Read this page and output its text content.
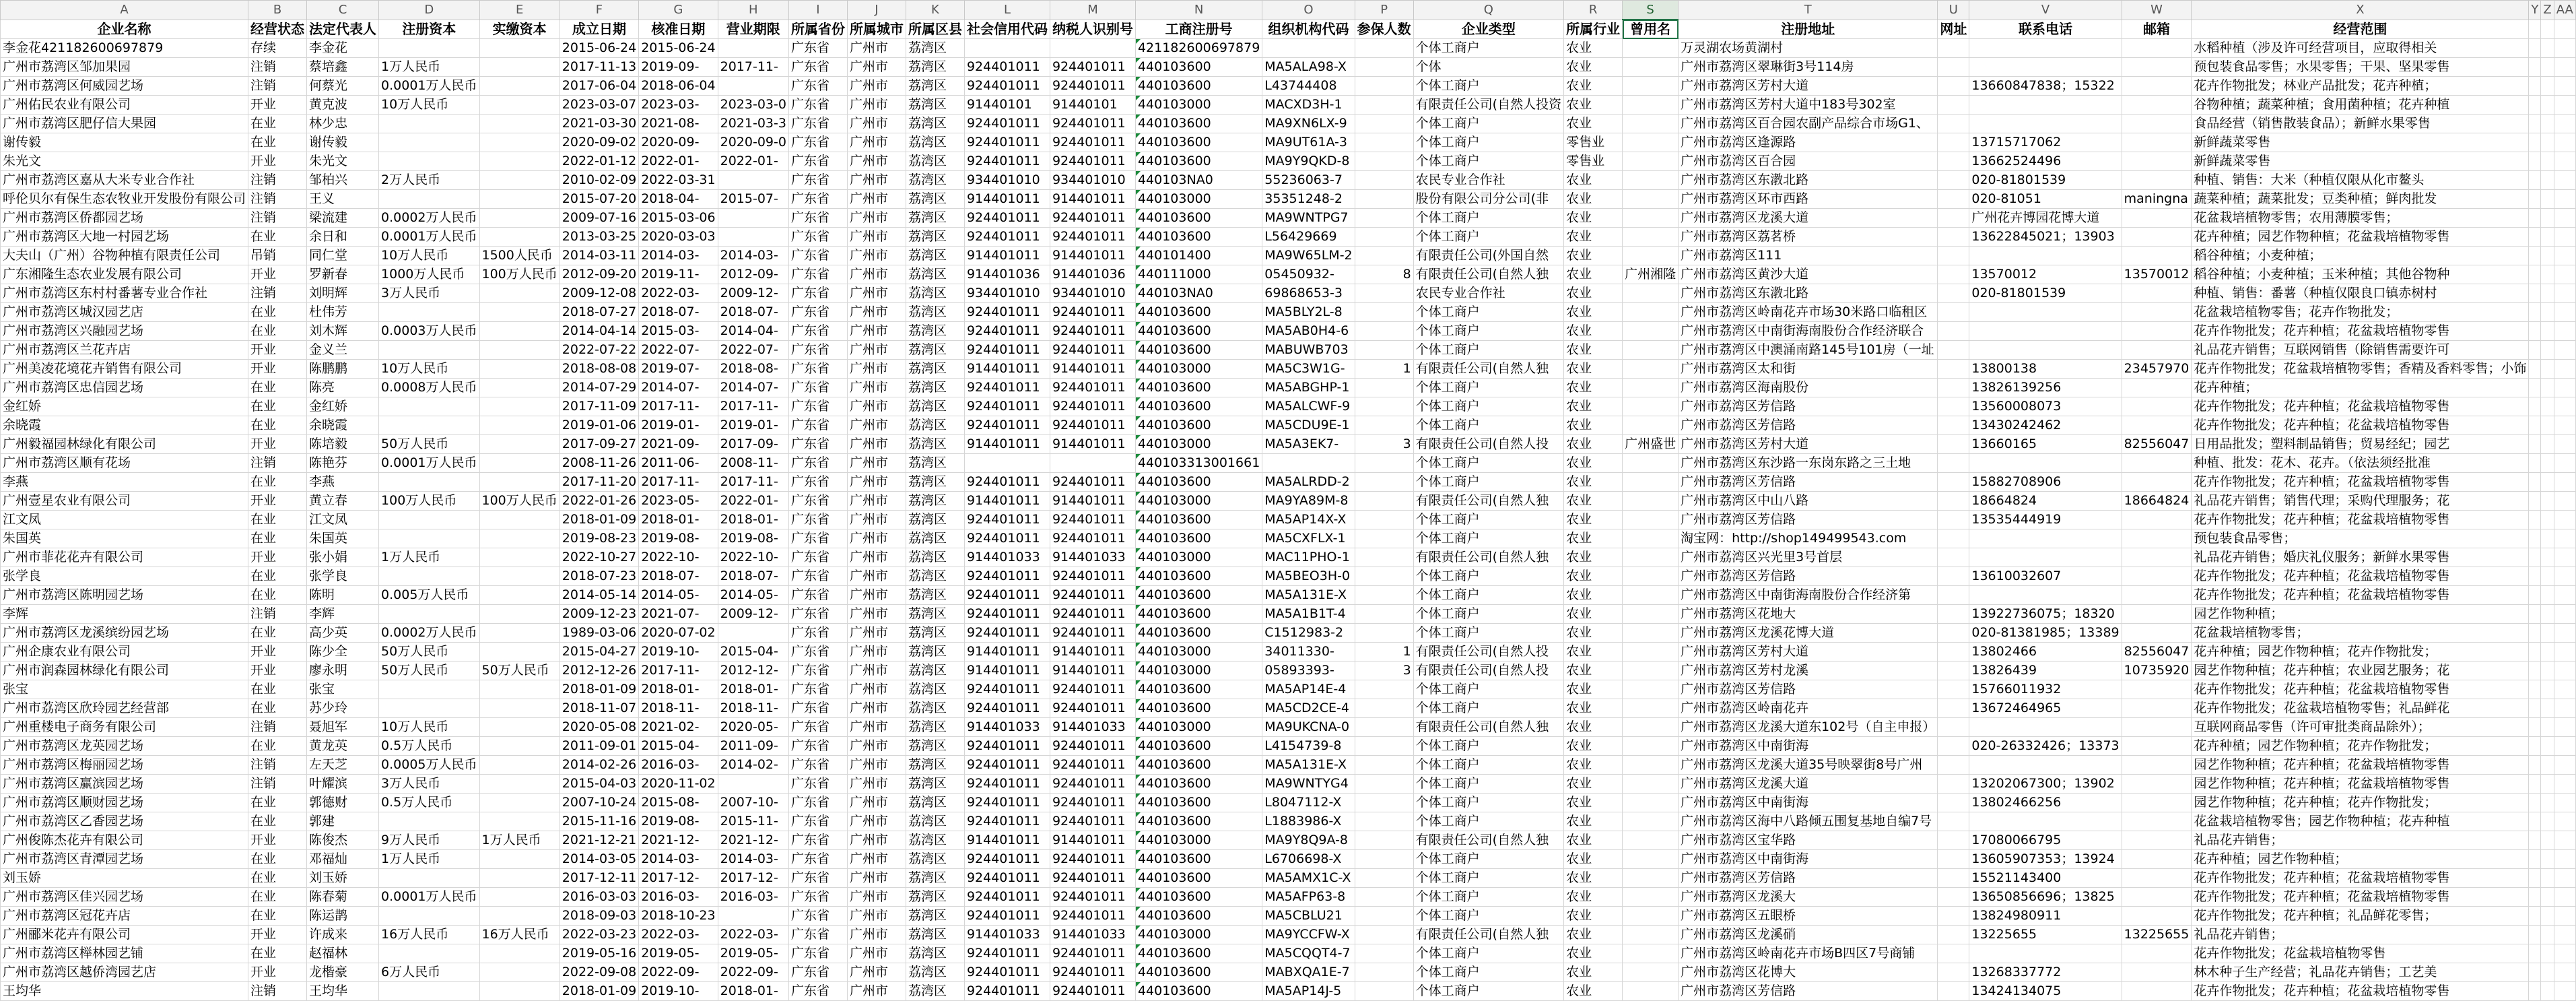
A	B	C	D	E	F	G	H	I	J	K	L	M	N	O	P	Q	R	S	T	U	V	W	X	Y	Z	AA
企业名称	经营状态	法定代表人	注册资本	实缴资本	成立日期	核准日期	营业期限	所属省份	所属城市	所属区县	社会信用代码	纳税人识别号	工商注册号	组织机构代码	参保人数	企业类型	所属行业	曾用名	注册地址	网址	联系电话	邮箱	经营范围			
李金花421182600697879	存续	李金花			2015-06-24	2015-06-24		广东省	广州市	荔湾区			421182600697879			个体工商户	农业		万灵湖农场黄湖村				水稻种植（涉及许可经营项目，应取得相关			
广州市荔湾区邹加果园	注销	蔡培鑫	1万人民币		2017-11-13	2019-09-	2017-11-	广东省	广州市	荔湾区	924401011	924401011	440103600	MA5ALA98-X		个体	农业		广州市荔湾区翠琳街3号114房				预包装食品零售；水果零售；干果、坚果零售			
广州市荔湾区何威园艺场	注销	何蔡光	0.0001万人民币		2017-06-04	2018-06-04		广东省	广州市	荔湾区	924401011	924401011	440103600	L43744408		个体工商户	农业		广州市荔湾区芳村大道		13660847838；15322		花卉作物批发；林业产品批发；花卉种植；			
广州佑民农业有限公司	开业	黄克波	10万人民币		2023-03-07	2023-03-	2023-03-0	广东省	广州市	荔湾区	91440101	91440101	440103000	MACXD3H-1		有限责任公司(自然人投资	农业		广州市荔湾区芳村大道中183号302室				谷物种植；蔬菜种植；食用菌种植；花卉种植			
广州市荔湾区肥仔信大果园	在业	林少忠			2021-03-30	2021-08-	2021-03-3	广东省	广州市	荔湾区	924401011	924401011	440103600	MA9XN6LX-9		个体工商户	农业		广州市荔湾区百合园农副产品综合市场G1、				食品经营（销售散装食品）；新鲜水果零售			
谢传毅	在业	谢传毅			2020-09-02	2020-09-	2020-09-0	广东省	广州市	荔湾区	924401011	924401011	440103600	MA9UT61A-3		个体工商户	零售业		广州市荔湾区逢源路		13715717062		新鲜蔬菜零售			
朱光文	开业	朱光文			2022-01-12	2022-01-	2022-01-	广东省	广州市	荔湾区	924401011	924401011	440103600	MA9Y9QKD-8		个体工商户	零售业		广州市荔湾区百合园		13662524496		新鲜蔬菜零售			
广州市荔湾区嘉从大米专业合作社	注销	邹柏兴	2万人民币		2010-02-09	2022-03-31		广东省	广州市	荔湾区	934401010	934401010	440103NA0	55236063-7		农民专业合作社	农业		广州市荔湾区东漖北路		020-81801539		种植、销售：大米（种植仅限从化市鳌头			
呼伦贝尔有保生态农牧业开发股份有限公司	注销	王义			2015-07-20	2018-04-	2015-07-	广东省	广州市	荔湾区	914401011	914401011	440103000	35351248-2		股份有限公司分公司(非	农业		广州市荔湾区环市西路		020-81051	maningna	蔬菜种植；蔬菜批发；豆类种植；鲜肉批发			
广州市荔湾区侨都园艺场	注销	梁流建	0.0002万人民币		2009-07-16	2015-03-06		广东省	广州市	荔湾区	924401011	924401011	440103600	MA9WNTPG7		个体工商户	农业		广州市荔湾区龙溪大道		广州花卉博园花博大道		花盆栽培植物零售；农用薄膜零售；			
广州市荔湾区大地一村园艺场	在业	余日和	0.0001万人民币		2013-03-25	2020-03-03		广东省	广州市	荔湾区	924401011	924401011	440103600	L56429669		个体工商户	农业		广州市荔湾区荔茗桥		13622845021；13903		花卉种植；园艺作物种植；花盆栽培植物零售			
大夫山（广州）谷物种植有限责任公司	吊销	同仁堂	10万人民币	1500人民币	2014-03-11	2014-03-	2014-03-	广东省	广州市	荔湾区	914401011	914401011	440101400	MA9W65LM-2		有限责任公司(外国自然	农业		广州市荔湾区111				稻谷种植；小麦种植；			
广东湘隆生态农业发展有限公司	开业	罗新春	1000万人民币	100万人民币	2012-09-20	2019-11-	2012-09-	广东省	广州市	荔湾区	914401036	914401036	440111000	05450932-	8	有限责任公司(自然人独	农业	广州湘隆	广州市荔湾区黄沙大道		13570012	13570012	稻谷种植；小麦种植；玉米种植；其他谷物种			
广州市荔湾区东村村番薯专业合作社	注销	刘明辉	3万人民币		2009-12-08	2022-03-	2009-12-	广东省	广州市	荔湾区	934401010	934401010	440103NA0	69868653-3		农民专业合作社	农业		广州市荔湾区东漖北路		020-81801539		种植、销售：番薯（种植仅限良口镇赤树村			
广州市荔湾区城汉园艺店	在业	杜伟芳			2018-07-27	2018-07-	2018-07-	广东省	广州市	荔湾区	924401011	924401011	440103600	MA5BLY2L-8		个体工商户	农业		广州市荔湾区岭南花卉市场30米路口临租区				花盆栽培植物零售；花卉作物批发；			
广州市荔湾区兴融园艺场	在业	刘木辉	0.0003万人民币		2014-04-14	2015-03-	2014-04-	广东省	广州市	荔湾区	924401011	924401011	440103600	MA5AB0H4-6		个体工商户	农业		广州市荔湾区中南街海南股份合作经济联合				花卉作物批发；花卉种植；花盆栽培植物零售			
广州市荔湾区兰花卉店	开业	金义兰			2022-07-22	2022-07-	2022-07-	广东省	广州市	荔湾区	924401011	924401011	440103600	MABUWB703		个体工商户	农业		广州市荔湾区中澳涌南路145号101房（一址				礼品花卉销售；互联网销售（除销售需要许可			
广州美凌花境花卉销售有限公司	开业	陈鹏鹏	10万人民币		2018-08-08	2019-07-	2018-08-	广东省	广州市	荔湾区	914401011	914401011	440103000	MA5C3W1G-	1	有限责任公司(自然人独	农业		广州市荔湾区太和街		13800138	23457970	花卉作物批发；花盆栽培植物零售；香精及香料零售；小饰			
广州市荔湾区忠信园艺场	在业	陈亮	0.0008万人民币		2014-07-29	2014-07-	2014-07-	广东省	广州市	荔湾区	924401011	924401011	440103600	MA5ABGHP-1		个体工商户	农业		广州市荔湾区海南股份		13826139256		花卉种植；			
金红娇	在业	金红娇			2017-11-09	2017-11-	2017-11-	广东省	广州市	荔湾区	924401011	924401011	440103600	MA5ALCWF-9		个体工商户	农业		广州市荔湾区芳信路		13560008073		花卉作物批发；花卉种植；花盆栽培植物零售			
余晓霞	在业	余晓霞			2019-01-06	2019-01-	2019-01-	广东省	广州市	荔湾区	924401011	924401011	440103600	MA5CDU9E-1		个体工商户	农业		广州市荔湾区芳信路		13430242462		花卉作物批发；花卉种植；花盆栽培植物零售			
广州毅福园林绿化有限公司	开业	陈培毅	50万人民币		2017-09-27	2021-09-	2017-09-	广东省	广州市	荔湾区	914401011	914401011	440103000	MA5A3EK7-	3	有限责任公司(自然人投	农业	广州盛世	广州市荔湾区芳村大道		13660165	82556047	日用品批发；塑料制品销售；贸易经纪；园艺			
广州市荔湾区顺有花场	注销	陈艳芬	0.0001万人民币		2008-11-26	2011-06-	2008-11-	广东省	广州市	荔湾区			440103313001661			个体工商户	农业		广州市荔湾区东沙路一东岗东路之三土地				种植、批发：花木、花卉。（依法须经批准			
李燕	在业	李燕			2017-11-20	2017-11-	2017-11-	广东省	广州市	荔湾区	924401011	924401011	440103600	MA5ALRDD-2		个体工商户	农业		广州市荔湾区芳信路		15882708906		花卉作物批发；花卉种植；花盆栽培植物零售			
广州壹星农业有限公司	开业	黄立春	100万人民币	100万人民币	2022-01-26	2023-05-	2022-01-	广东省	广州市	荔湾区	914401011	914401011	440103000	MA9YA89M-8		有限责任公司(自然人独	农业		广州市荔湾区中山八路		18664824	18664824	礼品花卉销售；销售代理；采购代理服务；花			
江文凤	在业	江文凤			2018-01-09	2018-01-	2018-01-	广东省	广州市	荔湾区	924401011	924401011	440103600	MA5AP14X-X		个体工商户	农业		广州市荔湾区芳信路		13535444919		花卉作物批发；花卉种植；花盆栽培植物零售			
朱国英	在业	朱国英			2019-08-23	2019-08-	2019-08-	广东省	广州市	荔湾区	924401011	924401011	440103600	MA5CXFLX-1		个体工商户	农业		淘宝网：http://shop149499543.com				预包装食品零售；			
广州市菲花花卉有限公司	开业	张小娟	1万人民币		2022-10-27	2022-10-	2022-10-	广东省	广州市	荔湾区	914401033	914401033	440103000	MAC11PHO-1		有限责任公司(自然人独	农业		广州市荔湾区兴光里3号首层				礼品花卉销售；婚庆礼仪服务；新鲜水果零售			
张学良	在业	张学良			2018-07-23	2018-07-	2018-07-	广东省	广州市	荔湾区	924401011	924401011	440103600	MA5BEO3H-0		个体工商户	农业		广州市荔湾区芳信路		13610032607		花卉作物批发；花卉种植；花盆栽培植物零售			
广州市荔湾区陈明园艺场	在业	陈明	0.005万人民币		2014-05-14	2014-05-	2014-05-	广东省	广州市	荔湾区	924401011	924401011	440103600	MA5A131E-X		个体工商户	农业		广州市荔湾区中南街海南股份合作经济第				花卉作物批发；花卉种植；花盆栽培植物零售			
李辉	注销	李辉			2009-12-23	2021-07-	2009-12-	广东省	广州市	荔湾区	924401011	924401011	440103600	MA5A1B1T-4		个体工商户	农业		广州市荔湾区花地大		13922736075；18320		园艺作物种植；			
广州市荔湾区龙溪缤纷园艺场	在业	高少英	0.0002万人民币		1989-03-06	2020-07-02		广东省	广州市	荔湾区	924401011	924401011	440103600	C1512983-2		个体工商户	农业		广州市荔湾区龙溪花博大道		020-81381985；13389		花盆栽培植物零售；			
广州企康农业有限公司	开业	陈少全	50万人民币		2015-04-27	2019-10-	2015-04-	广东省	广州市	荔湾区	914401011	914401011	440103000	34011330-	1	有限责任公司(自然人投	农业		广州市荔湾区芳村大道		13802466	82556047	花卉种植；园艺作物种植；花卉作物批发；			
广州市润森园林绿化有限公司	开业	廖永明	50万人民币	50万人民币	2012-12-26	2017-11-	2012-12-	广东省	广州市	荔湾区	914401011	914401011	440103000	05893393-	3	有限责任公司(自然人投	农业		广州市荔湾区芳村龙溪		13826439	10735920	园艺作物种植；花卉种植；农业园艺服务；花			
张宝	在业	张宝			2018-01-09	2018-01-	2018-01-	广东省	广州市	荔湾区	924401011	924401011	440103600	MA5AP14E-4		个体工商户	农业		广州市荔湾区芳信路		15766011932		花卉作物批发；花卉种植；花盆栽培植物零售			
广州市荔湾区欣玲园艺经营部	在业	苏少玲			2018-11-07	2018-11-	2018-11-	广东省	广州市	荔湾区	924401011	924401011	440103600	MA5CD2CE-4		个体工商户	农业		广州市荔湾区岭南花卉		13672464965		花卉作物批发；花盆栽培植物零售；礼品鲜花			
广州重楼电子商务有限公司	注销	聂旭军	10万人民币		2020-05-08	2021-02-	2020-05-	广东省	广州市	荔湾区	914401033	914401033	440103000	MA9UKCNA-0		有限责任公司(自然人独	农业		广州市荔湾区龙溪大道东102号（自主申报）				互联网商品零售（许可审批类商品除外）；			
广州市荔湾区龙英园艺场	在业	黄龙英	0.5万人民币		2011-09-01	2015-04-	2011-09-	广东省	广州市	荔湾区	924401011	924401011	440103600	L4154739-8		个体工商户	农业		广州市荔湾区中南街海		020-26332426；13373		花卉种植；园艺作物种植；花卉作物批发；			
广州市荔湾区梅丽园艺场	注销	左天芝	0.0005万人民币		2014-02-26	2016-03-	2014-02-	广东省	广州市	荔湾区	924401011	924401011	440103600	MA5A131E-X		个体工商户	农业		广州市荔湾区龙溪大道35号映翠街8号广州				园艺作物种植；花卉种植；花盆栽培植物零售			
广州市荔湾区赢滨园艺场	注销	叶耀滨	3万人民币		2015-04-03	2020-11-02		广东省	广州市	荔湾区	924401011	924401011	440103600	MA9WNTYG4		个体工商户	农业		广州市荔湾区龙溪大道		13202067300；13902		园艺作物种植；花卉种植；花盆栽培植物零售			
广州市荔湾区顺财园艺场	在业	郭德财	0.5万人民币		2007-10-24	2015-08-	2007-10-	广东省	广州市	荔湾区	924401011	924401011	440103600	L8047112-X		个体工商户	农业		广州市荔湾区中南街海		13802466256		园艺作物种植；花卉种植；花卉作物批发；			
广州市荔湾区乙香园艺场	在业	郭建			2015-11-16	2019-08-	2015-11-	广东省	广州市	荔湾区	924401011	924401011	440103600	L1883986-X		个体工商户	农业		广州市荔湾区海中八路倾五围复基地自编7号				花盆栽培植物零售；园艺作物种植；花卉种植			
广州俊陈杰花卉有限公司	开业	陈俊杰	9万人民币	1万人民币	2021-12-21	2021-12-	2021-12-	广东省	广州市	荔湾区	914401011	914401011	440103000	MA9Y8Q9A-8		有限责任公司(自然人独	农业		广州市荔湾区宝华路		17080066795		礼品花卉销售；			
广州市荔湾区青潭园艺场	在业	邓福灿	1万人民币		2014-03-05	2014-03-	2014-03-	广东省	广州市	荔湾区	924401011	924401011	440103600	L6706698-X		个体工商户	农业		广州市荔湾区中南街海		13605907353；13924		花卉种植；园艺作物种植；			
刘玉娇	在业	刘玉娇			2017-12-11	2017-12-	2017-12-	广东省	广州市	荔湾区	924401011	924401011	440103600	MA5AMX1C-X		个体工商户	农业		广州市荔湾区芳信路		15521143400		花卉作物批发；花卉种植；花盆栽培植物零售			
广州市荔湾区佳兴园艺场	在业	陈春菊	0.0001万人民币		2016-03-03	2016-03-	2016-03-	广东省	广州市	荔湾区	924401011	924401011	440103600	MA5AFP63-8		个体工商户	农业		广州市荔湾区龙溪大		13650856696；13825		花卉作物批发；花卉种植；花盆栽培植物零售			
广州市荔湾区冠花卉店	在业	陈运鹊			2018-09-03	2018-10-23		广东省	广州市	荔湾区	924401011	924401011	440103600	MA5CBLU21		个体工商户	农业		广州市荔湾区五眼桥		13824980911		花卉作物批发；花卉种植；礼品鲜花零售；			
广州郦米花卉有限公司	开业	许成来	16万人民币	16万人民币	2022-03-23	2022-03-	2022-03-	广东省	广州市	荔湾区	914401033	914401033	440103000	MA9YCCFW-X		有限责任公司(自然人独	农业		广州市荔湾区龙溪硝		13225655	13225655	礼品花卉销售；			
广州市荔湾区榉林园艺铺	在业	赵福林			2019-05-16	2019-05-	2019-05-	广东省	广州市	荔湾区	924401011	924401011	440103600	MA5CQQT4-7		个体工商户	农业		广州市荔湾区岭南花卉市场B四区7号商铺				花卉作物批发；花盆栽培植物零售			
广州市荔湾区越侨湾园艺店	开业	龙楷豪	6万人民币		2022-09-08	2022-09-	2022-09-	广东省	广州市	荔湾区	924401011	924401011	440103600	MABXQA1E-7		个体工商户	农业		广州市荔湾区花博大		13268337772		林木种子生产经营；礼品花卉销售；工艺美			
王均华	注销	王均华			2018-01-09	2019-10-	2018-01-	广东省	广州市	荔湾区	924401011	924401011	440103600	MA5AP14J-5		个体工商户	农业		广州市荔湾区芳信路		13424134075		花卉作物批发；花卉种植；花盆栽培植物零售			
